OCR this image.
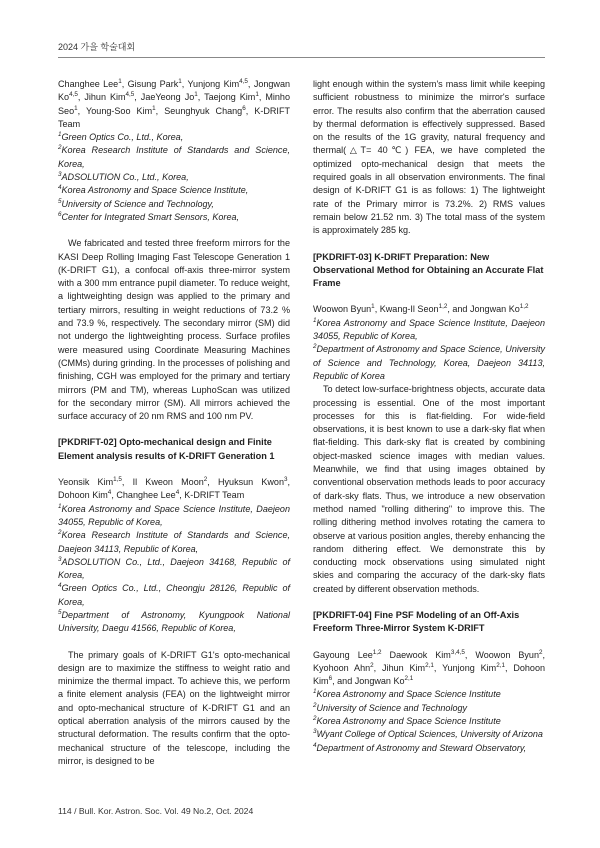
2024 가을 학술대회

Changhee Lee$^1$, Gisung Park$^1$, Yunjong Kim$^{4,5}$, Jongwan Ko$^{4,5}$, Jihun Kim$^{4,5}$, JaeYeong Jo$^1$, Taejong Kim$^1$, Minho Seo$^1$, Young-Soo Kim$^1$, Seunghyuk Chang$^6$, K-DRIFT Team

$^1$Green Optics Co., Ltd., Korea,

$^2$Korea Research Institute of Standards and Science, Korea,

$^3$ADSOLUTION Co., Ltd., Korea,

$^4$Korea Astronomy and Space Science Institute,

$^5$University of Science and Technology,

$^6$Center for Integrated Smart Sensors, Korea,

We fabricated and tested three freeform mirrors for the KASI Deep Rolling Imaging Fast Telescope Generation 1 (K-DRIFT G1), a confocal off-axis three-mirror system with a 300 mm entrance pupil diameter. To reduce weight, a lightweighting design was applied to the primary and tertiary mirrors, resulting in weight reductions of 73.2 % and 73.9 %, respectively. The secondary mirror (SM) did not undergo the lightweighting process. Surface profiles were measured using Coordinate Measuring Machines (CMMs) during grinding. In the processes of polishing and finishing, CGH was employed for the primary and tertiary mirrors (PM and TM), whereas LuphoScan was utilized for the secondary mirror (SM). All mirrors achieved the surface accuracy of 20 nm RMS and 100 nm PV.

[PKDRIFT-02] Opto-mechanical design and Finite Element analysis results of K-DRIFT Generation 1

Yeonsik Kim$^{1,5}$, Il Kweon Moon$^2$, Hyuksun Kwon$^3$, Dohoon Kim$^4$, Changhee Lee$^4$, K-DRIFT Team

$^1$Korea Astronomy and Space Science Institute, Daejeon 34055, Republic of Korea,

$^2$Korea Research Institute of Standards and Science, Daejeon 34113, Republic of Korea,

$^3$ADSOLUTION Co., Ltd., Daejeon 34168, Republic of Korea,

$^4$Green Optics Co., Ltd., Cheongju 28126, Republic of Korea,

$^5$Department of Astronomy, Kyungpook National University, Daegu 41566, Republic of Korea,

The primary goals of K-DRIFT G1's opto-mechanical design are to maximize the stiffness to weight ratio and minimize the thermal impact. To achieve this, we perform a finite element analysis (FEA) on the lightweight mirror and opto-mechanical structure of K-DRIFT G1 and an optical aberration analysis of the mirrors caused by the structural deformation. The results confirm that the opto-mechanical structure of the telescope, including the mirror, is designed to be

light enough within the system's mass limit while keeping sufficient robustness to minimize the mirror's surface error. The results also confirm that the aberration caused by thermal deformation is effectively suppressed. Based on the results of the 1G gravity, natural frequency and thermal(△T= 40℃) FEA, we have completed the optimized opto-mechanical design that meets the required goals in all observation environments. The final design of K-DRIFT G1 is as follows: 1) The lightweight rate of the Primary mirror is 73.2%. 2) RMS values remain below 21.52 nm. 3) The total mass of the system is approximately 285 kg.

[PKDRIFT-03] K-DRIFT Preparation: New Observational Method for Obtaining an Accurate Flat Frame

Woowon Byun$^1$, Kwang-Il Seon$^{1,2}$, and Jongwan Ko$^{1,2}$

$^1$Korea Astronomy and Space Science Institute, Daejeon 34055, Republic of Korea,

$^2$Department of Astronomy and Space Science, University of Science and Technology, Korea, Daejeon 34113, Republic of Korea

To detect low-surface-brightness objects, accurate data processing is essential. One of the most important processes for this is flat-fielding. For wide-field observations, it is best known to use a dark-sky flat when flat-fielding. This dark-sky flat is created by combining object-masked science images with median values. Meanwhile, we find that using images obtained by conventional observation methods leads to poor accuracy of dark-sky flats. Thus, we introduce a new observation method named "rolling dithering" to improve this. The rolling dithering method involves rotating the camera to observe at various position angles, thereby enhancing the random dithering effect. We demonstrate this by conducting mock observations using simulated night skies and comparing the accuracy of the dark-sky flats created by different observation methods.

[PKDRIFT-04] Fine PSF Modeling of an Off-Axis Freeform Three-Mirror System K-DRIFT

Gayoung Lee$^{1,2}$ Daewook Kim$^{3,4,5}$, Woowon Byun$^2$, Kyohoon Ahn$^2$, Jihun Kim$^{2,1}$, Yunjong Kim$^{2,1}$, Dohoon Kim$^6$, and Jongwan Ko$^{2,1}$

$^1$Korea Astronomy and Space Science Institute

$^2$University of Science and Technology

$^2$Korea Astronomy and Space Science Institute

$^3$Wyant College of Optical Sciences, University of Arizona

$^4$Department of Astronomy and Steward Observatory,

114 / Bull. Kor. Astron. Soc. Vol. 49 No.2, Oct. 2024
